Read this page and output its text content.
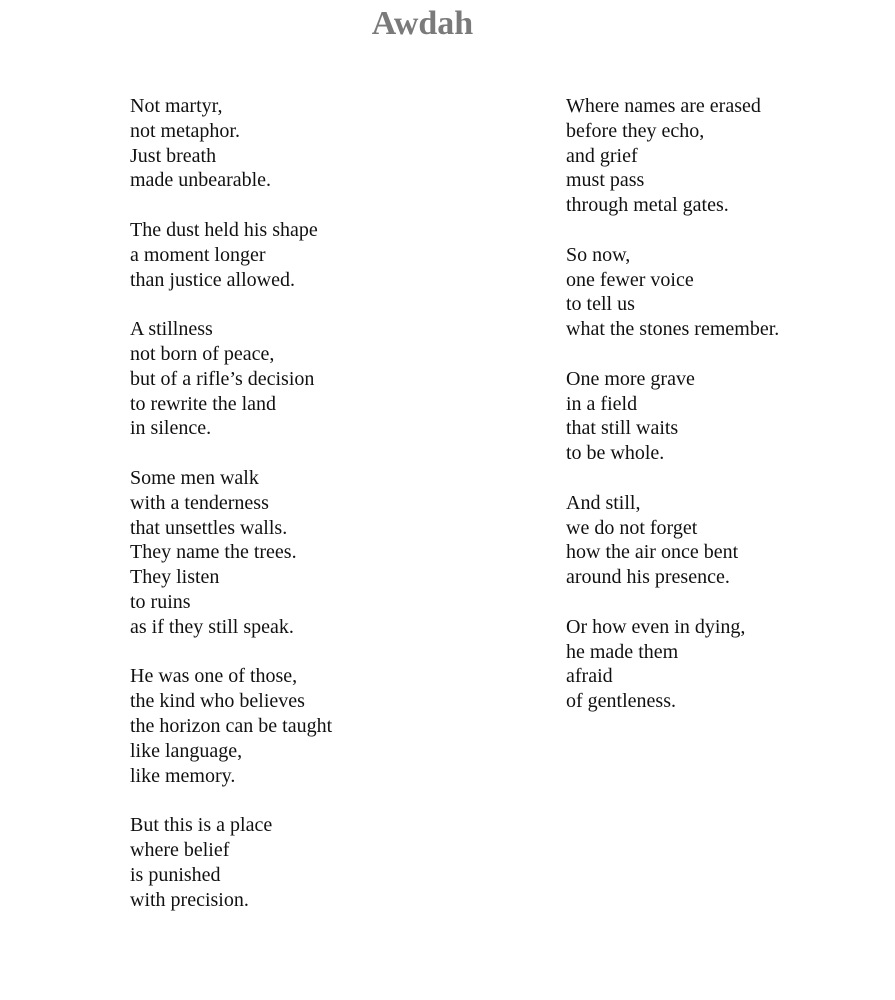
Awdah
Not martyr,
not metaphor.
Just breath
made unbearable.
The dust held his shape
a moment longer
than justice allowed.
A stillness
not born of peace,
but of a rifle’s decision
to rewrite the land
in silence.
Some men walk
with a tenderness
that unsettles walls.
They name the trees.
They listen
to ruins
as if they still speak.
He was one of those,
the kind who believes
the horizon can be taught
like language,
like memory.
But this is a place
where belief
is punished
with precision.
Where names are erased
before they echo,
and grief
must pass
through metal gates.
So now,
one fewer voice
to tell us
what the stones remember.
One more grave
in a field
that still waits
to be whole.
And still,
we do not forget
how the air once bent
around his presence.
Or how even in dying,
he made them
afraid
of gentleness.
